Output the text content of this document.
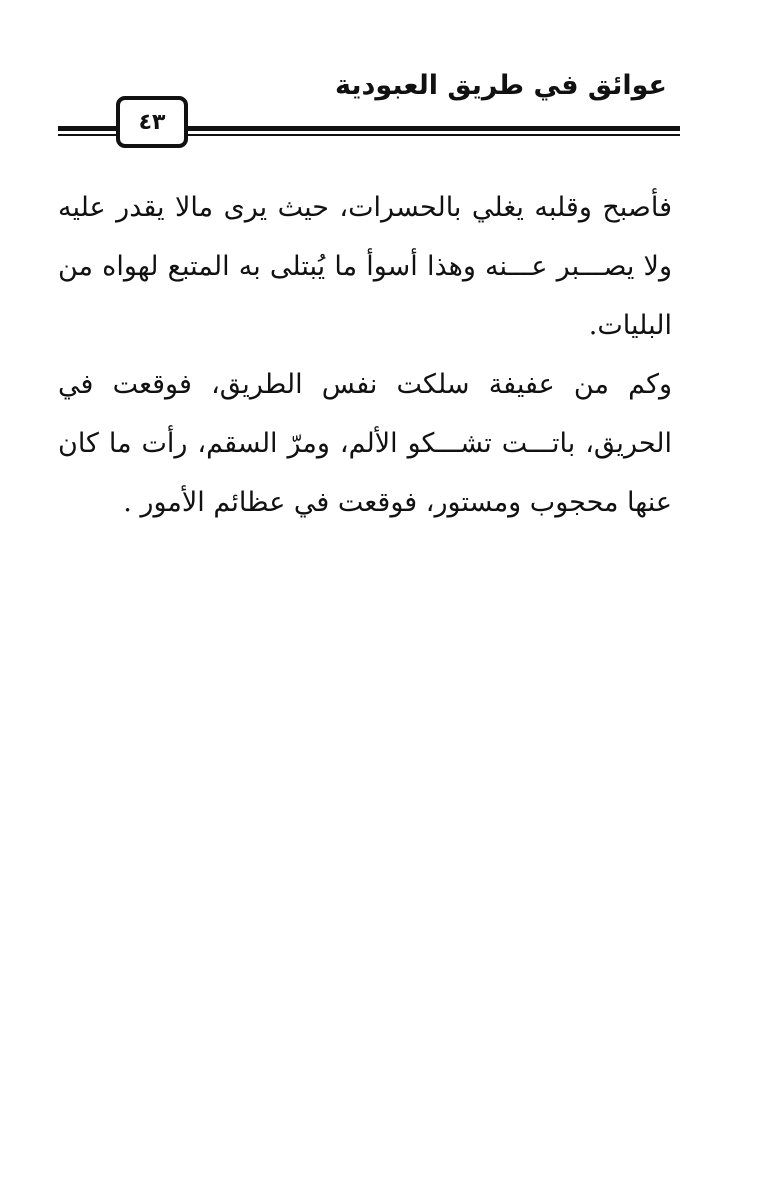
عوائق في طريق العبودية
٤٣

فأصبح وقلبه يغلي بالحسرات، حيث يرى مالا يقدر عليه ولا يصـــبر عـــنه وهذا أسوأ ما يُبتلى به المتبع لهواه من البليات.

وكم من عفيفة سلكت نفس الطريق، فوقعت في الحريق، باتـــت تشـــكو الألم، ومرّ السقم، رأت ما كان عنها محجوب ومستور، فوقعت في عظائم الأمور .
